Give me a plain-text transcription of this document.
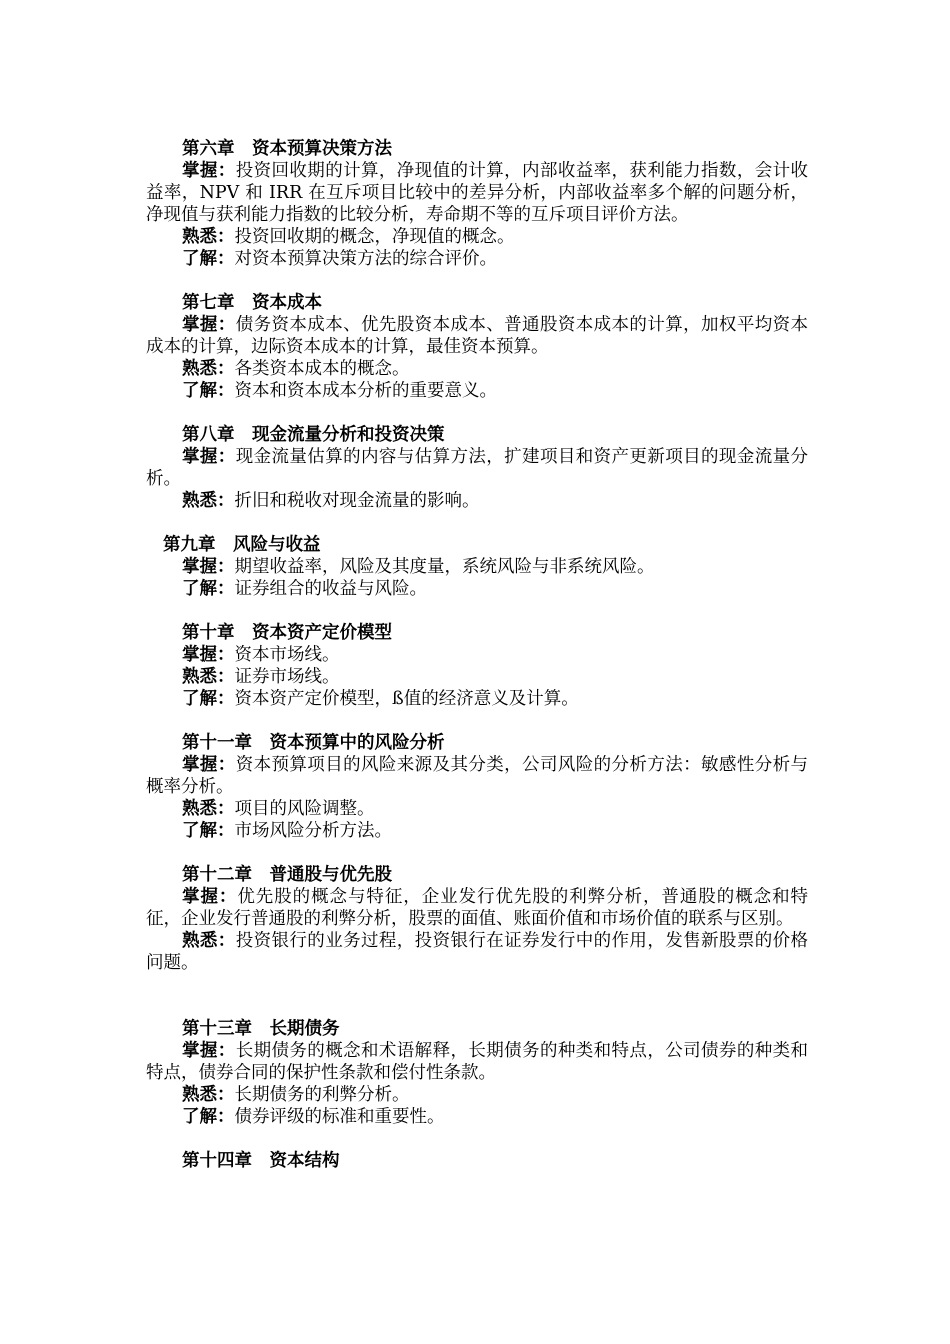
第六章　资本预算决策方法
掌握：投资回收期的计算，净现值的计算，内部收益率，获利能力指数，会计收益率，NPV 和 IRR 在互斥项目比较中的差异分析，内部收益率多个解的问题分析，净现值与获利能力指数的比较分析，寿命期不等的互斥项目评价方法。
熟悉：投资回收期的概念，净现值的概念。
了解：对资本预算决策方法的综合评价。
第七章　资本成本
掌握：债务资本成本、优先股资本成本、普通股资本成本的计算，加权平均资本成本的计算，边际资本成本的计算，最佳资本预算。
熟悉：各类资本成本的概念。
了解：资本和资本成本分析的重要意义。
第八章　现金流量分析和投资决策
掌握：现金流量估算的内容与估算方法，扩建项目和资产更新项目的现金流量分析。
熟悉：折旧和税收对现金流量的影响。
第九章　风险与收益
掌握：期望收益率，风险及其度量，系统风险与非系统风险。
了解：证券组合的收益与风险。
第十章　资本资产定价模型
掌握：资本市场线。
熟悉：证券市场线。
了解：资本资产定价模型，ß值的经济意义及计算。
第十一章　资本预算中的风险分析
掌握：资本预算项目的风险来源及其分类，公司风险的分析方法：敏感性分析与概率分析。
熟悉：项目的风险调整。
了解：市场风险分析方法。
第十二章　普通股与优先股
掌握：优先股的概念与特征，企业发行优先股的利弊分析，普通股的概念和特征，企业发行普通股的利弊分析，股票的面值、账面价值和市场价值的联系与区别。
熟悉：投资银行的业务过程，投资银行在证券发行中的作用，发售新股票的价格问题。
第十三章　长期债务
掌握：长期债务的概念和术语解释，长期债务的种类和特点，公司债券的种类和特点，债券合同的保护性条款和偿付性条款。
熟悉：长期债务的利弊分析。
了解：债券评级的标准和重要性。
第十四章　资本结构
